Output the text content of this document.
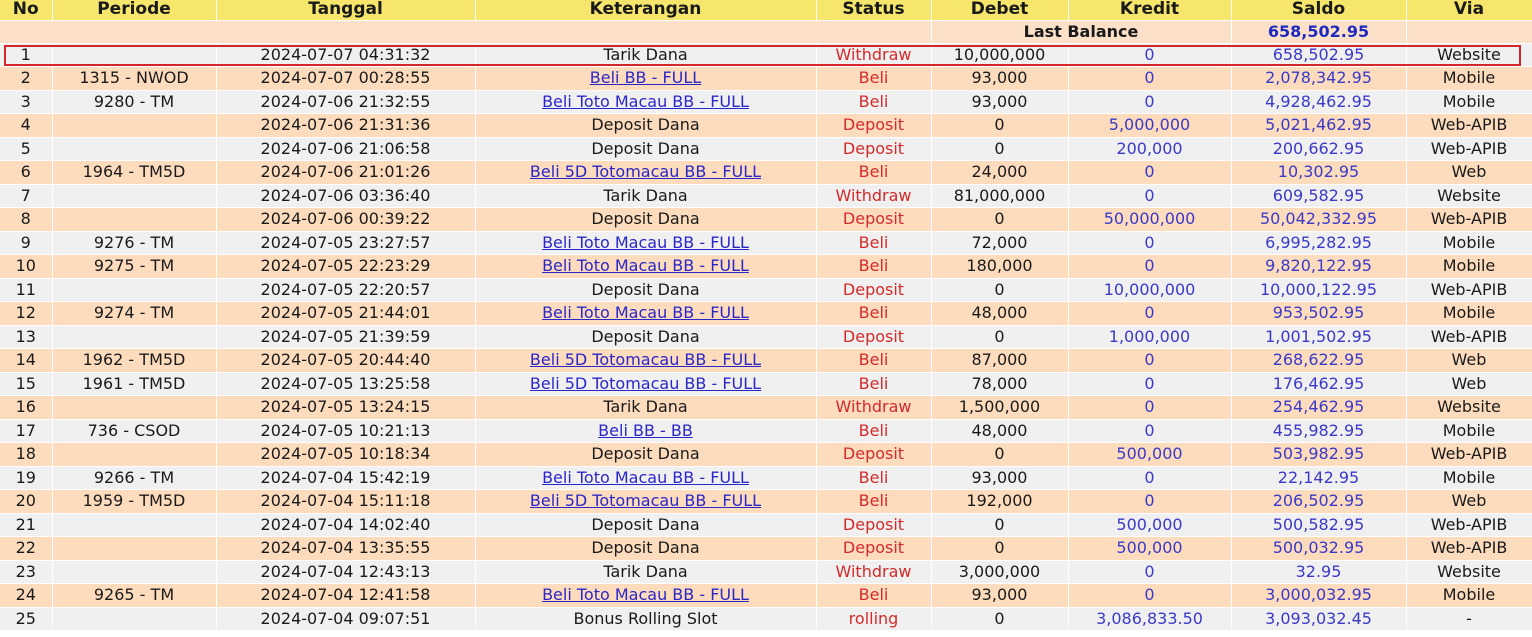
No	Periode	Tanggal	Keterangan	Status	Debet	Kredit	Saldo	Via
					Last Balance		658,502.95	
1		2024-07-07 04:31:32	Tarik Dana	Withdraw	10,000,000	0	658,502.95	Website
2	1315 - NWOD	2024-07-07 00:28:55	Beli BB - FULL	Beli	93,000	0	2,078,342.95	Mobile
3	9280 - TM	2024-07-06 21:32:55	Beli Toto Macau BB - FULL	Beli	93,000	0	4,928,462.95	Mobile
4		2024-07-06 21:31:36	Deposit Dana	Deposit	0	5,000,000	5,021,462.95	Web-APIB
5		2024-07-06 21:06:58	Deposit Dana	Deposit	0	200,000	200,662.95	Web-APIB
6	1964 - TM5D	2024-07-06 21:01:26	Beli 5D Totomacau BB - FULL	Beli	24,000	0	10,302.95	Web
7		2024-07-06 03:36:40	Tarik Dana	Withdraw	81,000,000	0	609,582.95	Website
8		2024-07-06 00:39:22	Deposit Dana	Deposit	0	50,000,000	50,042,332.95	Web-APIB
9	9276 - TM	2024-07-05 23:27:57	Beli Toto Macau BB - FULL	Beli	72,000	0	6,995,282.95	Mobile
10	9275 - TM	2024-07-05 22:23:29	Beli Toto Macau BB - FULL	Beli	180,000	0	9,820,122.95	Mobile
11		2024-07-05 22:20:57	Deposit Dana	Deposit	0	10,000,000	10,000,122.95	Web-APIB
12	9274 - TM	2024-07-05 21:44:01	Beli Toto Macau BB - FULL	Beli	48,000	0	953,502.95	Mobile
13		2024-07-05 21:39:59	Deposit Dana	Deposit	0	1,000,000	1,001,502.95	Web-APIB
14	1962 - TM5D	2024-07-05 20:44:40	Beli 5D Totomacau BB - FULL	Beli	87,000	0	268,622.95	Web
15	1961 - TM5D	2024-07-05 13:25:58	Beli 5D Totomacau BB - FULL	Beli	78,000	0	176,462.95	Web
16		2024-07-05 13:24:15	Tarik Dana	Withdraw	1,500,000	0	254,462.95	Website
17	736 - CSOD	2024-07-05 10:21:13	Beli BB - BB	Beli	48,000	0	455,982.95	Mobile
18		2024-07-05 10:18:34	Deposit Dana	Deposit	0	500,000	503,982.95	Web-APIB
19	9266 - TM	2024-07-04 15:42:19	Beli Toto Macau BB - FULL	Beli	93,000	0	22,142.95	Mobile
20	1959 - TM5D	2024-07-04 15:11:18	Beli 5D Totomacau BB - FULL	Beli	192,000	0	206,502.95	Web
21		2024-07-04 14:02:40	Deposit Dana	Deposit	0	500,000	500,582.95	Web-APIB
22		2024-07-04 13:35:55	Deposit Dana	Deposit	0	500,000	500,032.95	Web-APIB
23		2024-07-04 12:43:13	Tarik Dana	Withdraw	3,000,000	0	32.95	Website
24	9265 - TM	2024-07-04 12:41:58	Beli Toto Macau BB - FULL	Beli	93,000	0	3,000,032.95	Mobile
25		2024-07-04 09:07:51	Bonus Rolling Slot	rolling	0	3,086,833.50	3,093,032.45	-
